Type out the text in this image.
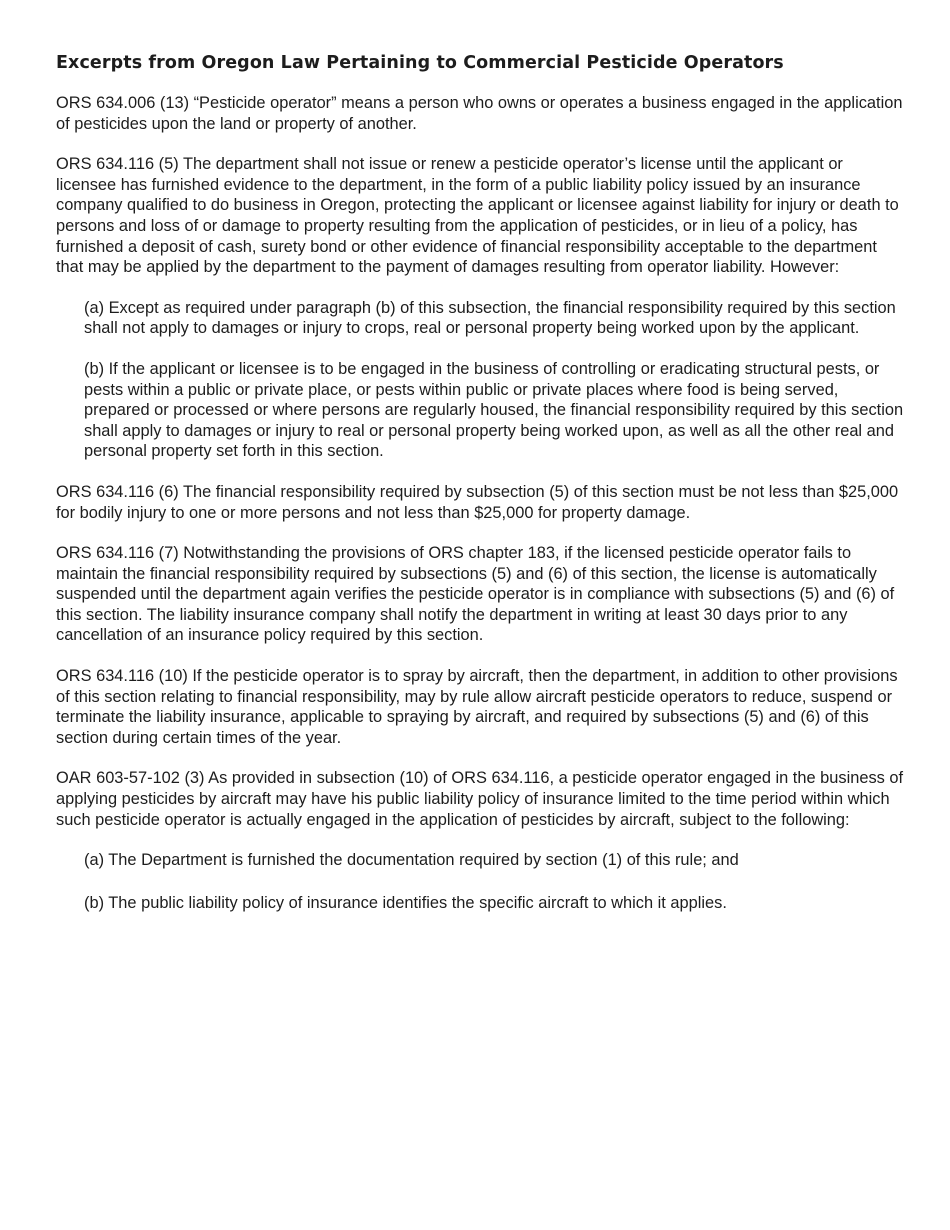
Excerpts from Oregon Law Pertaining to Commercial Pesticide Operators

ORS 634.006 (13) “Pesticide operator” means a person who owns or operates a business engaged in the application of pesticides upon the land or property of another.

ORS 634.116 (5) The department shall not issue or renew a pesticide operator’s license until the applicant or licensee has furnished evidence to the department, in the form of a public liability policy issued by an insurance company qualified to do business in Oregon, protecting the applicant or licensee against liability for injury or death to persons and loss of or damage to property resulting from the application of pesticides, or in lieu of a policy, has furnished a deposit of cash, surety bond or other evidence of financial responsibility acceptable to the department that may be applied by the department to the payment of damages resulting from operator liability. However:

(a) Except as required under paragraph (b) of this subsection, the financial responsibility required by this section shall not apply to damages or injury to crops, real or personal property being worked upon by the applicant.

(b) If the applicant or licensee is to be engaged in the business of controlling or eradicating structural pests, or pests within a public or private place, or pests within public or private places where food is being served, prepared or processed or where persons are regularly housed, the financial responsibility required by this section shall apply to damages or injury to real or personal property being worked upon, as well as all the other real and personal property set forth in this section.

ORS 634.116 (6) The financial responsibility required by subsection (5) of this section must be not less than $25,000 for bodily injury to one or more persons and not less than $25,000 for property damage.

ORS 634.116 (7) Notwithstanding the provisions of ORS chapter 183, if the licensed pesticide operator fails to maintain the financial responsibility required by subsections (5) and (6) of this section, the license is automatically suspended until the department again verifies the pesticide operator is in compliance with subsections (5) and (6) of this section. The liability insurance company shall notify the department in writing at least 30 days prior to any cancellation of an insurance policy required by this section.

ORS 634.116 (10) If the pesticide operator is to spray by aircraft, then the department, in addition to other provisions of this section relating to financial responsibility, may by rule allow aircraft pesticide operators to reduce, suspend or terminate the liability insurance, applicable to spraying by aircraft, and required by subsections (5) and (6) of this section during certain times of the year.

OAR 603-57-102 (3) As provided in subsection (10) of ORS 634.116, a pesticide operator engaged in the business of applying pesticides by aircraft may have his public liability policy of insurance limited to the time period within which such pesticide operator is actually engaged in the application of pesticides by aircraft, subject to the following:

(a) The Department is furnished the documentation required by section (1) of this rule; and

(b) The public liability policy of insurance identifies the specific aircraft to which it applies.
